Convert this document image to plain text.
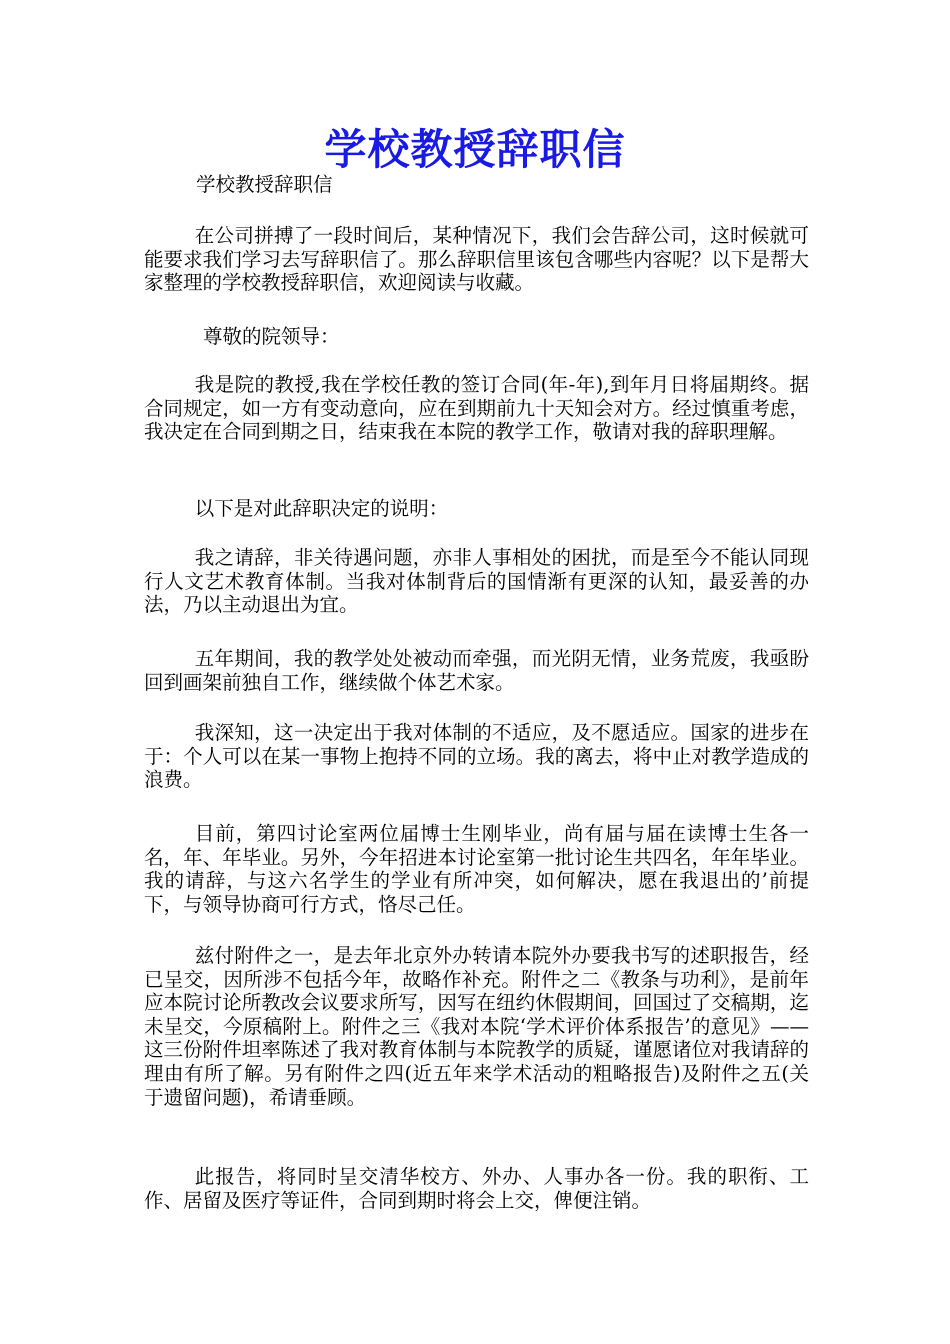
学校教授辞职信
学校教授辞职信
在公司拼搏了一段时间后，某种情况下，我们会告辞公司，这时候就可能要求我们学习去写辞职信了。那么辞职信里该包含哪些内容呢？以下是帮大家整理的学校教授辞职信，欢迎阅读与收藏。
尊敬的院领导：
我是院的教授,我在学校任教的签订合同(年-年),到年月日将届期终。据合同规定，如一方有变动意向，应在到期前九十天知会对方。经过慎重考虑，我决定在合同到期之日，结束我在本院的教学工作，敬请对我的辞职理解。
以下是对此辞职决定的说明：
我之请辞，非关待遇问题，亦非人事相处的困扰，而是至今不能认同现行人文艺术教育体制。当我对体制背后的国情渐有更深的认知，最妥善的办法，乃以主动退出为宜。
五年期间，我的教学处处被动而牵强，而光阴无情，业务荒废，我亟盼回到画架前独自工作，继续做个体艺术家。
我深知，这一决定出于我对体制的不适应，及不愿适应。国家的进步在于：个人可以在某一事物上抱持不同的立场。我的离去，将中止对教学造成的浪费。
目前，第四讨论室两位届博士生刚毕业，尚有届与届在读博士生各一名，年、年毕业。另外，今年招进本讨论室第一批讨论生共四名，年年毕业。我的请辞，与这六名学生的学业有所冲突，如何解决，愿在我退出的’前提下，与领导协商可行方式，恪尽己任。
兹付附件之一，是去年北京外办转请本院外办要我书写的述职报告，经已呈交，因所涉不包括今年，故略作补充。附件之二《教条与功利》，是前年应本院讨论所教改会议要求所写，因写在纽约休假期间，回国过了交稿期，迄未呈交，今原稿附上。附件之三《我对本院‘学术评价体系报告’的意见》——这三份附件坦率陈述了我对教育体制与本院教学的质疑，谨愿诸位对我请辞的理由有所了解。另有附件之四(近五年来学术活动的粗略报告)及附件之五(关于遗留问题)，希请垂顾。
此报告，将同时呈交清华校方、外办、人事办各一份。我的职衔、工作、居留及医疗等证件，合同到期时将会上交，俾便注销。
